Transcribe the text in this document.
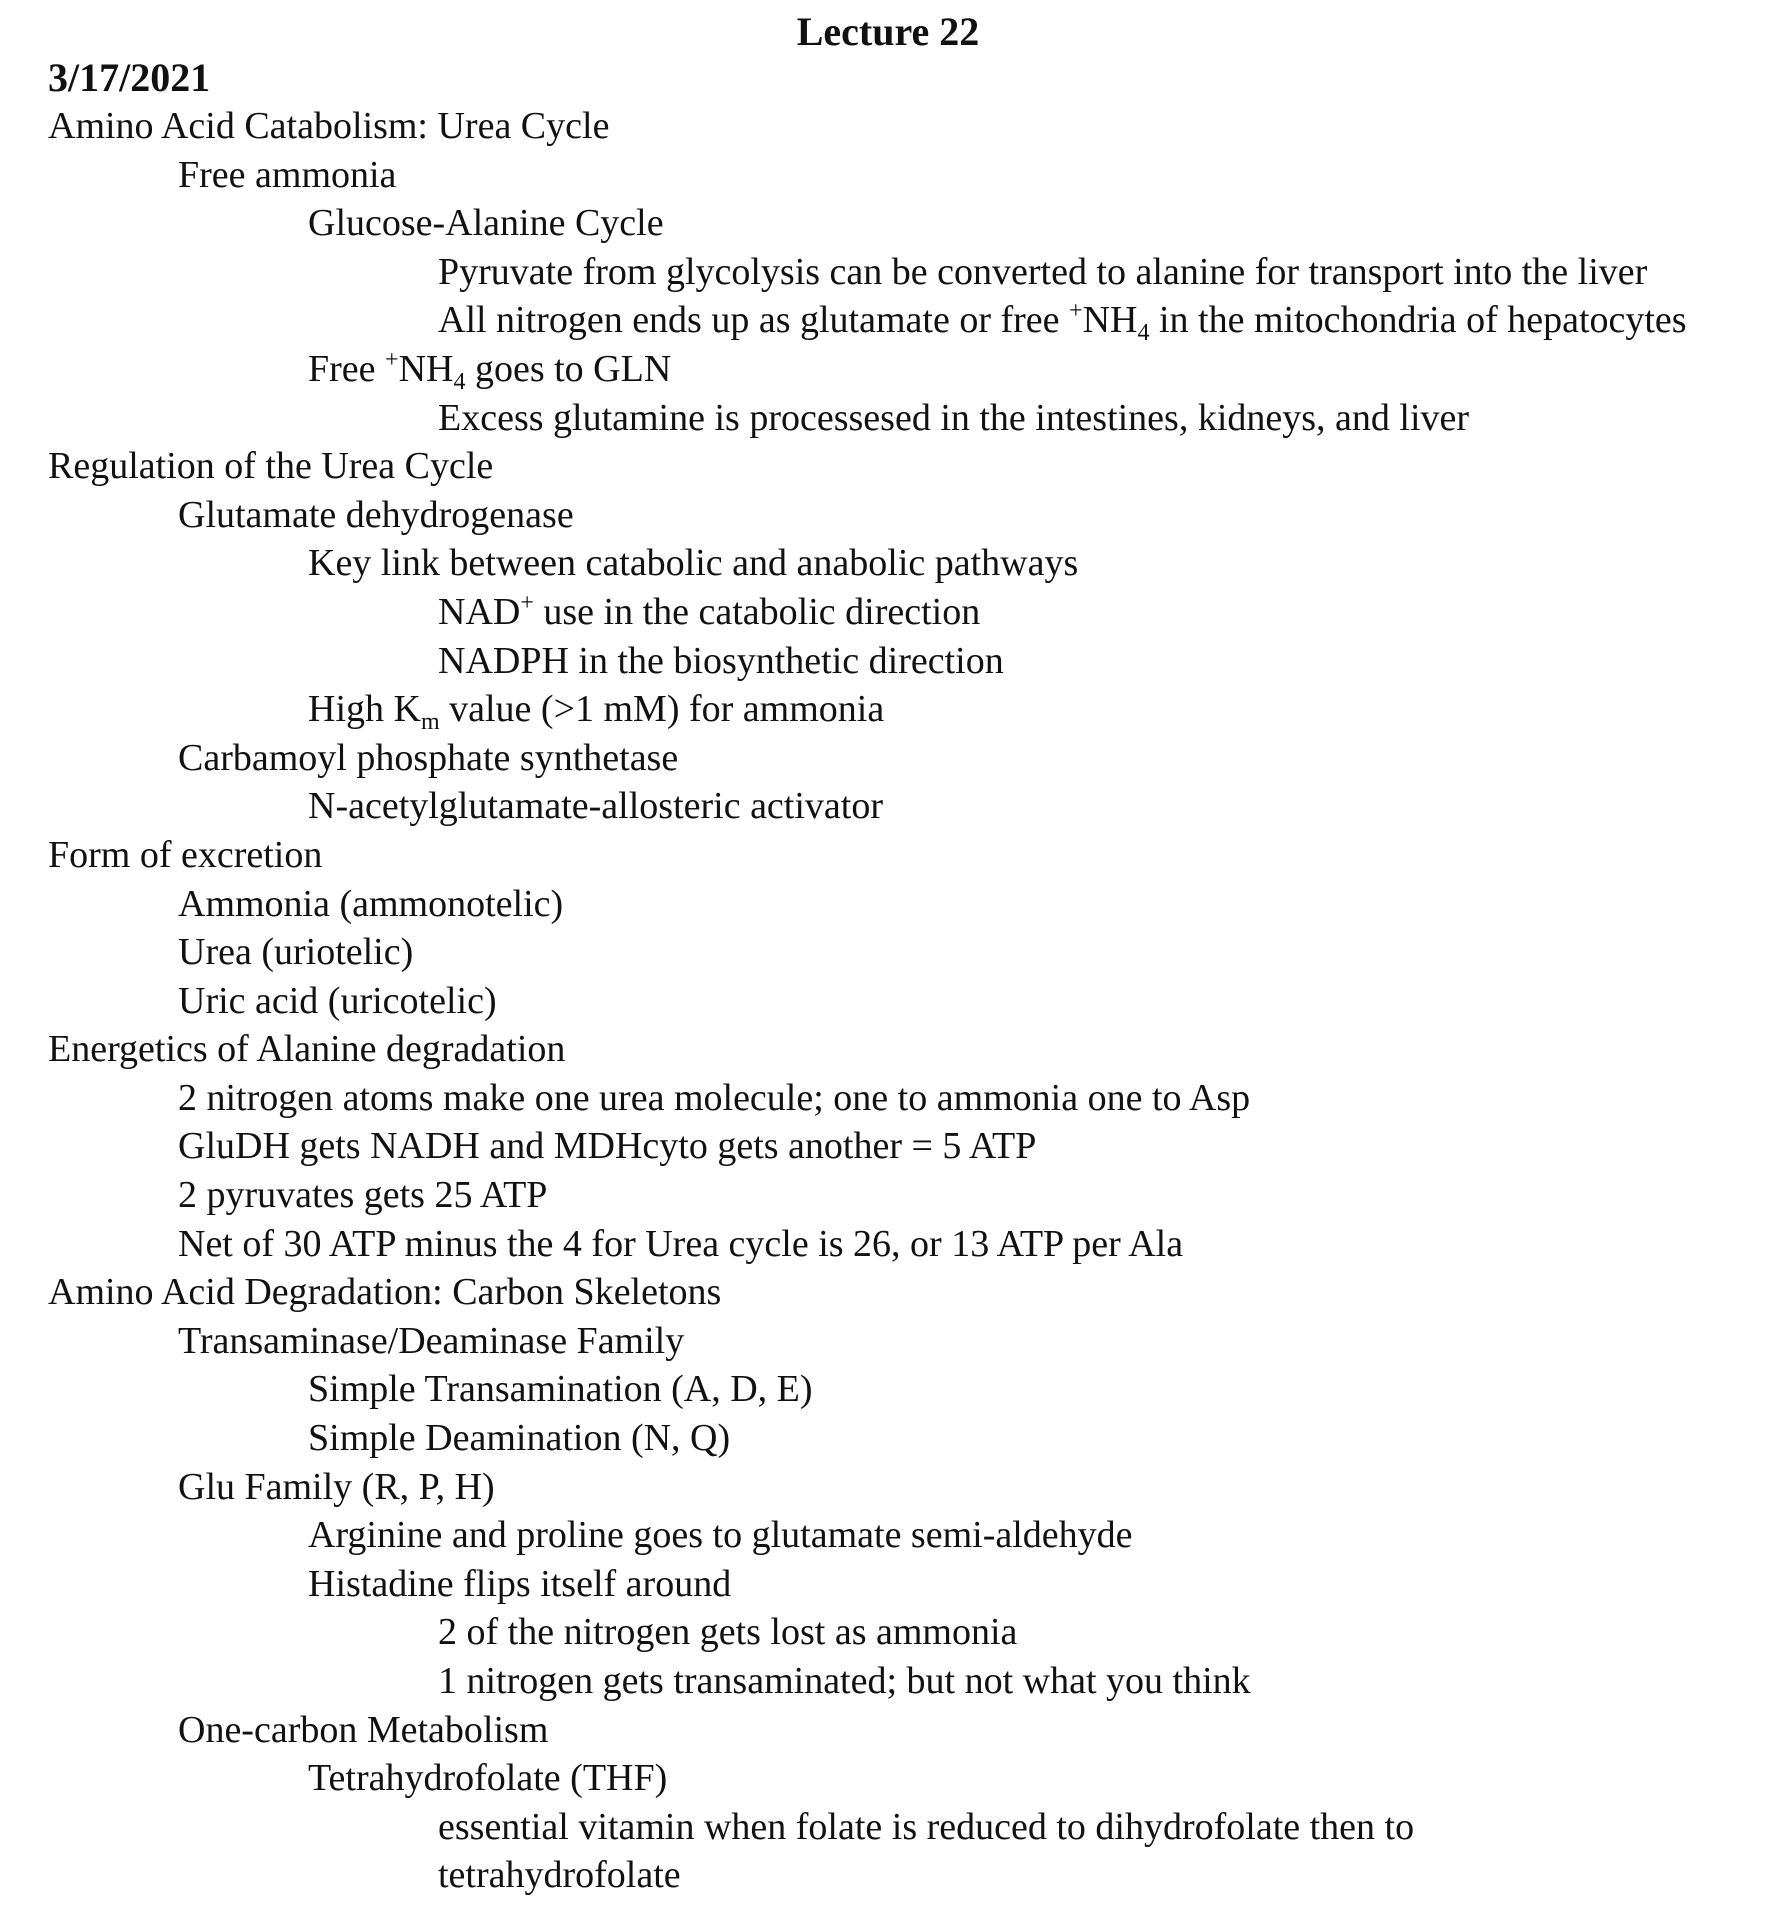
Lecture 22
3/17/2021
Amino Acid Catabolism: Urea Cycle
Free ammonia
Glucose-Alanine Cycle
Pyruvate from glycolysis can be converted to alanine for transport into the liver
All nitrogen ends up as glutamate or free $^+NH_4$ in the mitochondria of hepatocytes
Free $^+NH_4$ goes to GLN
Excess glutamine is processesed in the intestines, kidneys, and liver
Regulation of the Urea Cycle
Glutamate dehydrogenase
Key link between catabolic and anabolic pathways
NAD+ use in the catabolic direction
NADPH in the biosynthetic direction
High $K_m$ value (>1 mM) for ammonia
Carbamoyl phosphate synthetase
N-acetylglutamate-allosteric activator
Form of excretion
Ammonia (ammonotelic)
Urea (uriotelic)
Uric acid (uricotelic)
Energetics of Alanine degradation
2 nitrogen atoms make one urea molecule; one to ammonia one to Asp
GluDH gets NADH and MDHcyto gets another = 5 ATP
2 pyruvates gets 25 ATP
Net of 30 ATP minus the 4 for Urea cycle is 26, or 13 ATP per Ala
Amino Acid Degradation: Carbon Skeletons
Transaminase/Deaminase Family
Simple Transamination (A, D, E)
Simple Deamination (N, Q)
Glu Family (R, P, H)
Arginine and proline goes to glutamate semi-aldehyde
Histadine flips itself around
2 of the nitrogen gets lost as ammonia
1 nitrogen gets transaminated; but not what you think
One-carbon Metabolism
Tetrahydrofolate (THF)
essential vitamin when folate is reduced to dihydrofolate then to
tetrahydrofolate
